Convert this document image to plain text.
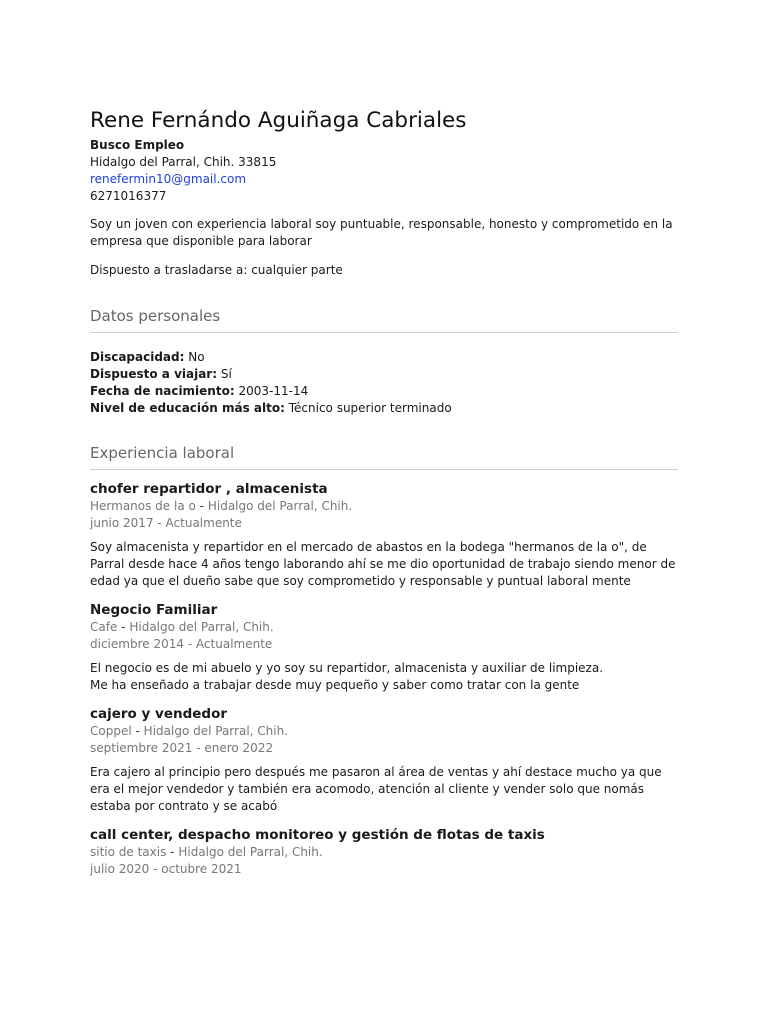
Rene Fernándo Aguiñaga Cabriales
Busco Empleo
Hidalgo del Parral, Chih. 33815
renefermin10@gmail.com
6271016377
Soy un joven con experiencia laboral soy puntuable, responsable, honesto y comprometido en la empresa que disponible para laborar
Dispuesto a trasladarse a: cualquier parte
Datos personales
Discapacidad: No
Dispuesto a viajar: Sí
Fecha de nacimiento: 2003-11-14
Nivel de educación más alto: Técnico superior terminado
Experiencia laboral
chofer repartidor , almacenista
Hermanos de la o - Hidalgo del Parral, Chih.
junio 2017 - Actualmente
Soy almacenista y repartidor en el mercado de abastos en la bodega "hermanos de la o", de Parral desde hace 4 años tengo laborando ahí se me dio oportunidad de trabajo siendo menor de edad ya que el dueño sabe que soy comprometido y responsable y puntual laboral mente
Negocio Familiar
Cafe - Hidalgo del Parral, Chih.
diciembre 2014 - Actualmente
El negocio es de mi abuelo y yo soy su repartidor, almacenista y auxiliar de limpieza.
Me ha enseñado a trabajar desde muy pequeño y saber como tratar con la gente
cajero y vendedor
Coppel - Hidalgo del Parral, Chih.
septiembre 2021 - enero 2022
Era cajero al principio pero después me pasaron al área de ventas y ahí destace mucho ya que era el mejor vendedor y también era acomodo, atención al cliente y vender solo que nomás estaba por contrato y se acabó
call center, despacho monitoreo y gestión de flotas de taxis
sitio de taxis - Hidalgo del Parral, Chih.
julio 2020 - octubre 2021
